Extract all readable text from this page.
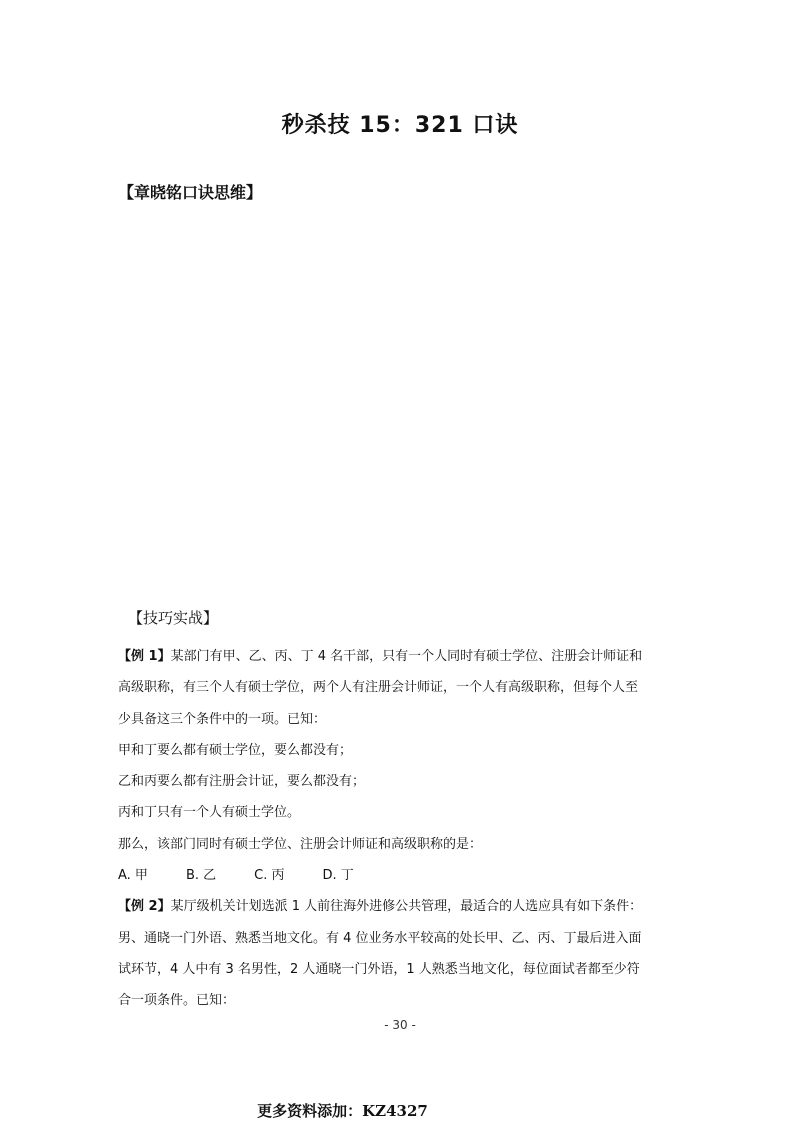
秒杀技 15：321 口诀
【章晓铭口诀思维】
【技巧实战】
【例 1】某部门有甲、乙、丙、丁 4 名干部，只有一个人同时有硕士学位、注册会计师证和
高级职称，有三个人有硕士学位，两个人有注册会计师证，一个人有高级职称，但每个人至
少具备这三个条件中的一项。已知：
甲和丁要么都有硕士学位，要么都没有；
乙和丙要么都有注册会计证，要么都没有；
丙和丁只有一个人有硕士学位。
那么，该部门同时有硕士学位、注册会计师证和高级职称的是：
A. 甲	B. 乙	C. 丙	D. 丁
【例 2】某厅级机关计划选派 1 人前往海外进修公共管理，最适合的人选应具有如下条件：
男、通晓一门外语、熟悉当地文化。有 4 位业务水平较高的处长甲、乙、丙、丁最后进入面
试环节，4 人中有 3 名男性，2 人通晓一门外语，1 人熟悉当地文化，每位面试者都至少符
合一项条件。已知：
- 30 -
更多资料添加：KZ4327
